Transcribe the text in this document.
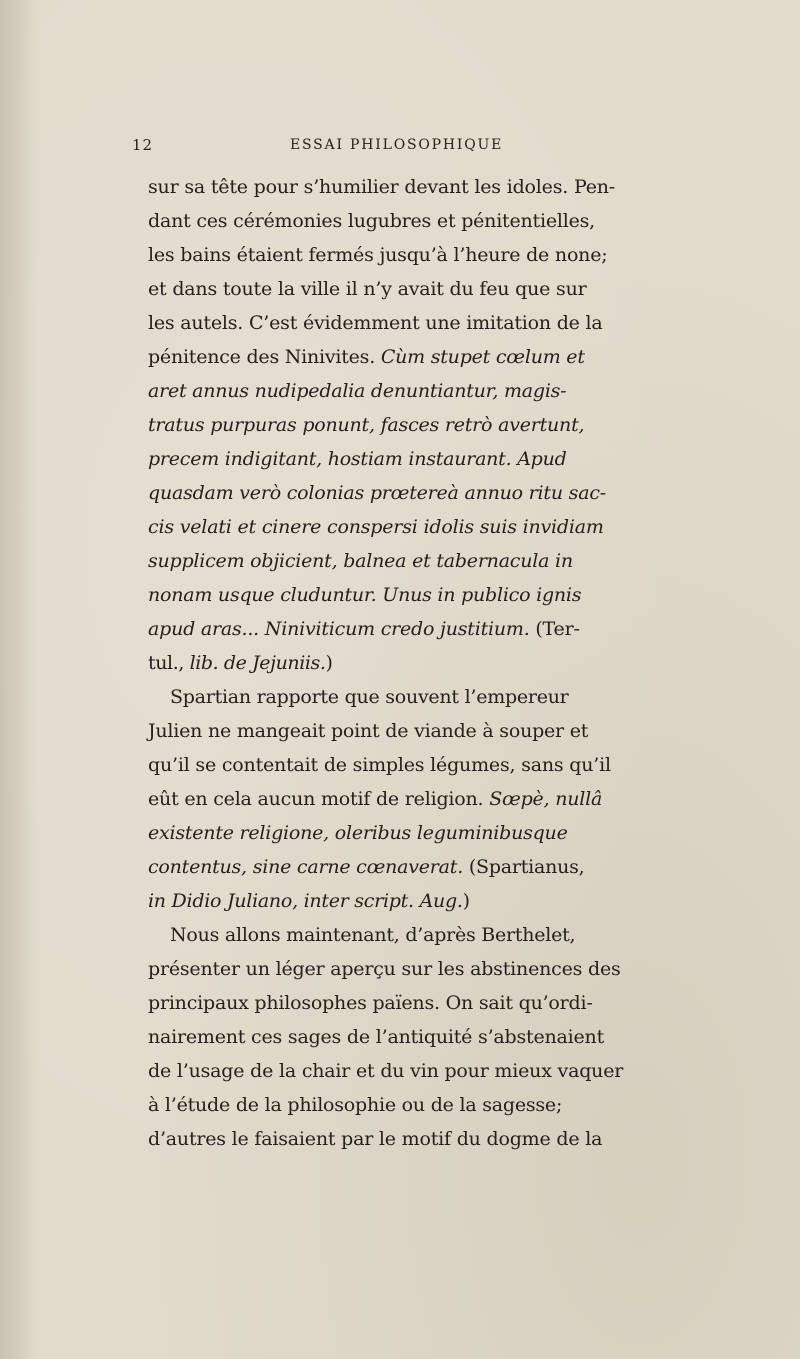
12	ESSAI PHILOSOPHIQUE
sur sa tête pour s’humilier devant les idoles. Pen-
dant ces cérémonies lugubres et pénitentielles,
les bains étaient fermés jusqu’à l’heure de none;
et dans toute la ville il n’y avait du feu que sur
les autels. C’est évidemment une imitation de la
pénitence des Ninivites. Cùm stupet cœlum et
aret annus nudipedalia denuntiantur, magis-
tratus purpuras ponunt, fasces retrò avertunt,
precem indigitant, hostiam instaurant. Apud
quasdam verò colonias prœtereà annuo ritu sac-
cis velati et cinere conspersi idolis suis invidiam
supplicem objicient, balnea et tabernacula in
nonam usque cluduntur. Unus in publico ignis
apud aras... Niniviticum credo justitium. (Ter-
tul., lib. de Jejuniis.)
Spartian rapporte que souvent l’empereur
Julien ne mangeait point de viande à souper et
qu’il se contentait de simples légumes, sans qu’il
eût en cela aucun motif de religion. Sœpè, nullâ
existente religione, oleribus leguminibusque
contentus, sine carne cœnaverat. (Spartianus,
in Didio Juliano, inter script. Aug.)
Nous allons maintenant, d’après Berthelet,
présenter un léger aperçu sur les abstinences des
principaux philosophes païens. On sait qu’ordi-
nairement ces sages de l’antiquité s’abstenaient
de l’usage de la chair et du vin pour mieux vaquer
à l’étude de la philosophie ou de la sagesse;
d’autres le faisaient par le motif du dogme de la
